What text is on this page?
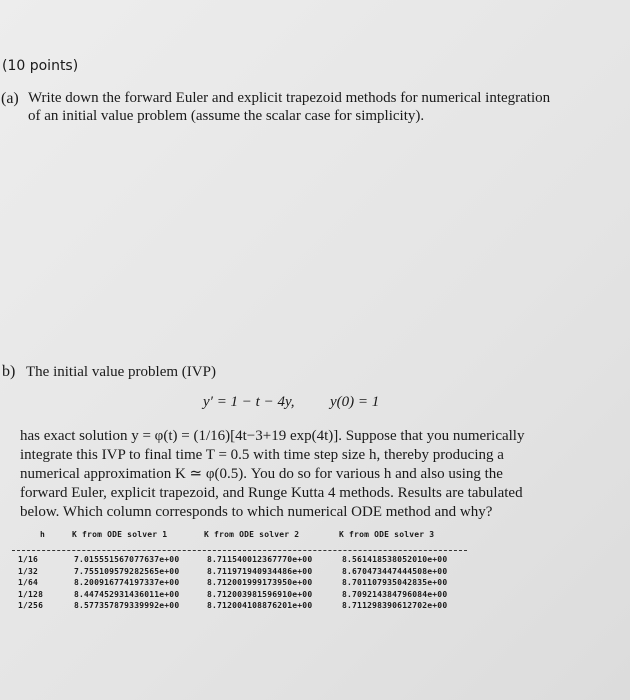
(10 points)
(a) Write down the forward Euler and explicit trapezoid methods for numerical integration
of an initial value problem (assume the scalar case for simplicity).
b) The initial value problem (IVP)
y′ = 1 − t − 4y, y(0) = 1
has exact solution y = φ(t) = (1/16)[4t−3+19 exp(4t)]. Suppose that you numerically
integrate this IVP to final time T = 0.5 with time step size h, thereby producing a
numerical approximation K ≃ φ(0.5). You do so for various h and also using the
forward Euler, explicit trapezoid, and Runge Kutta 4 methods. Results are tabulated
below. Which column corresponds to which numerical ODE method and why?
h	K from ODE solver 1	K from ODE solver 2	K from ODE solver 3
1/16	7.015551567077637e+00	8.711540012367770e+00	8.561418538052010e+00
1/32	7.755109579282565e+00	8.711971940934486e+00	8.670473447444508e+00
1/64	8.200916774197337e+00	8.712001999173950e+00	8.701107935042835e+00
1/128	8.447452931436011e+00	8.712003981596910e+00	8.709214384796084e+00
1/256	8.577357879339992e+00	8.712004108876201e+00	8.711298390612702e+00
